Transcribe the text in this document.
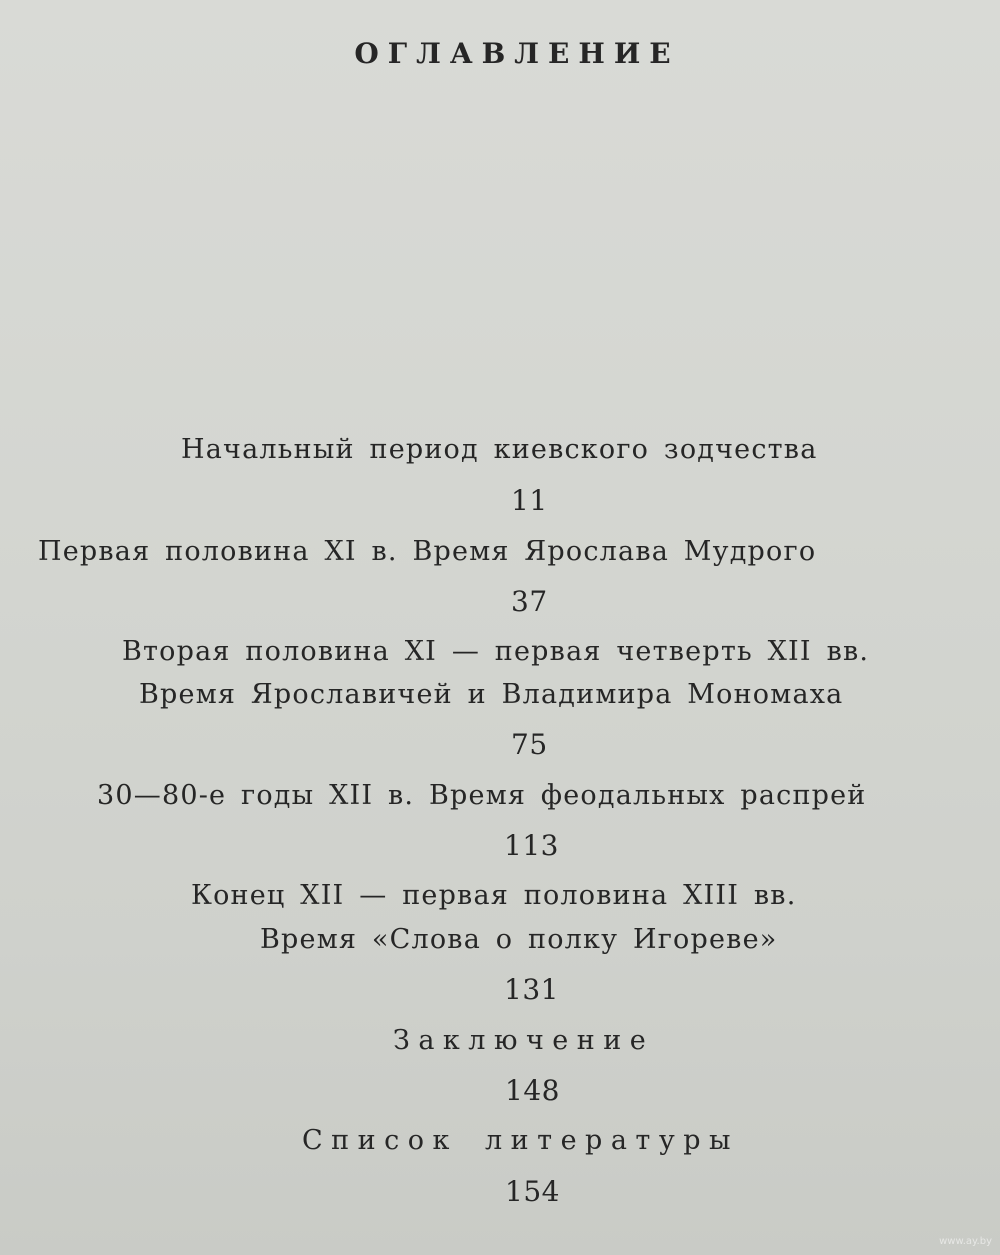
ОГЛАВЛЕНИЕ
Начальный период киевского зодчества
11
Первая половина XI в. Время Ярослава Мудрого
37
Вторая половина XI — первая четверть XII вв.
Время Ярославичей и Владимира Мономаха
75
30—80-е годы XII в. Время феодальных распрей
113
Конец XII — первая половина XIII вв.
Время «Слова о полку Игореве»
131
Заключение
148
Список литературы
154
www.ay.by
